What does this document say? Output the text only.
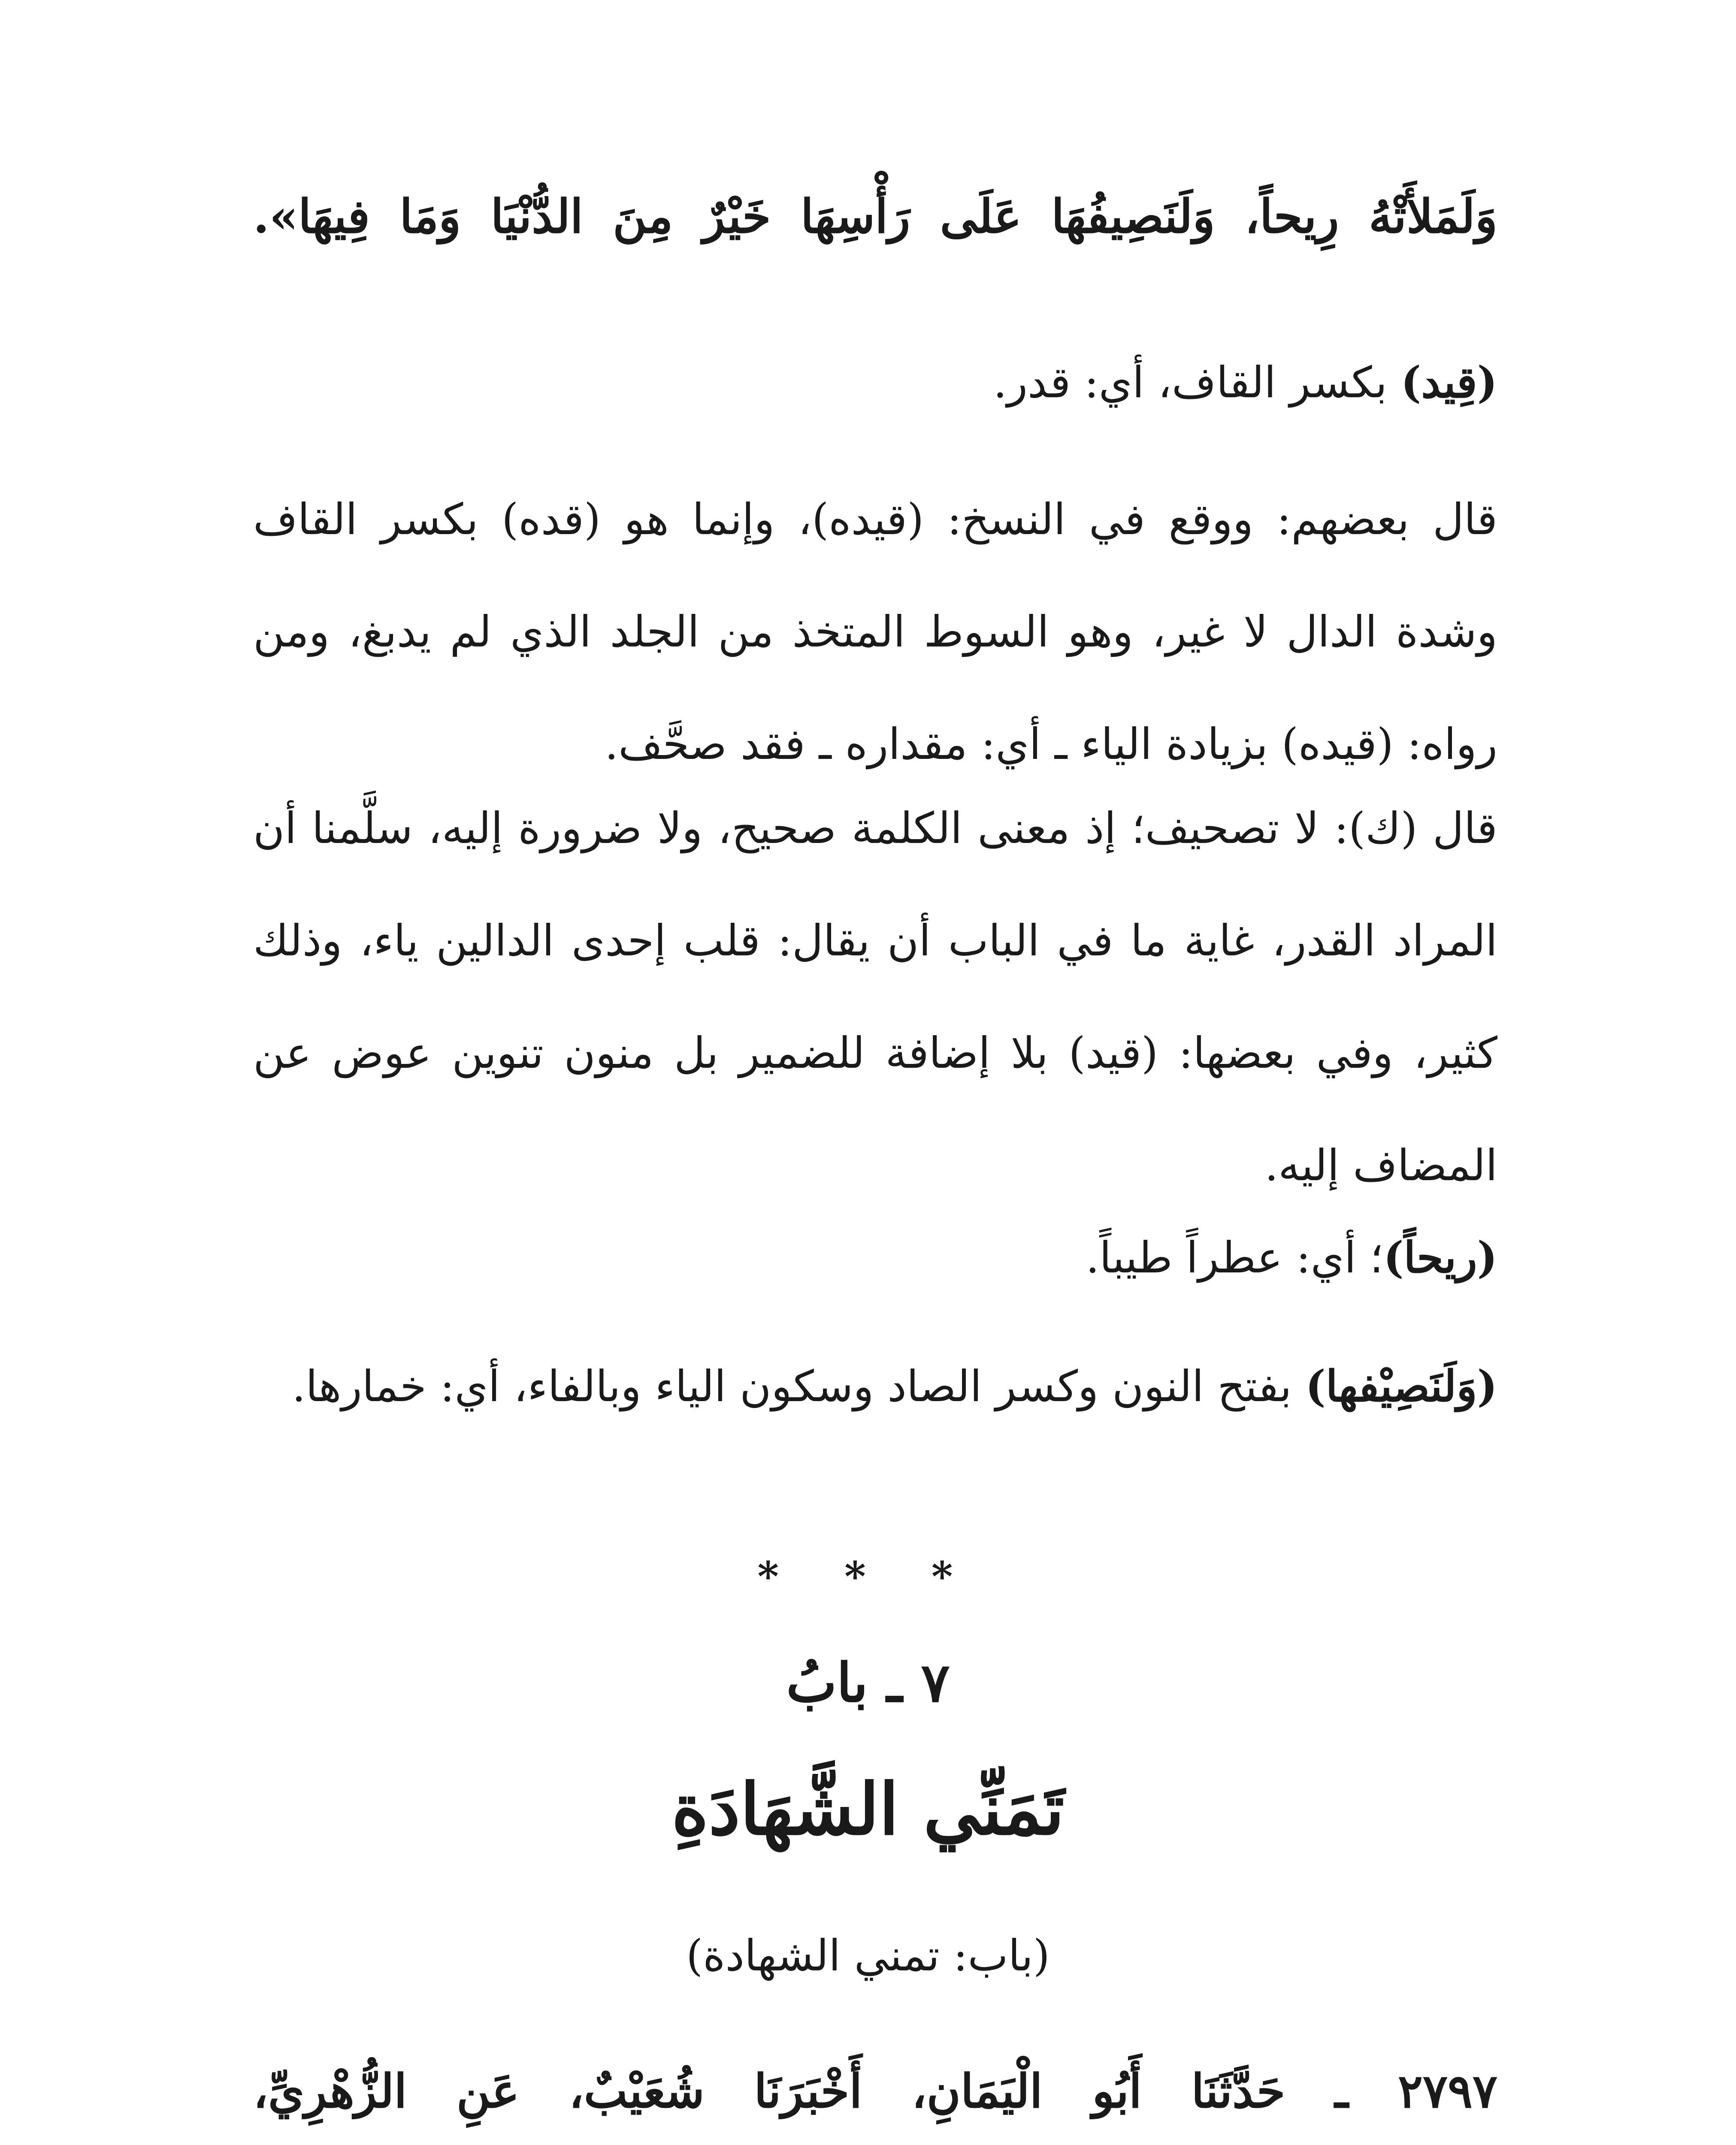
وَلَمَلأَتْهُ رِيحاً، وَلَنَصِيفُهَا عَلَى رَأْسِهَا خَيْرٌ مِنَ الدُّنْيَا وَمَا فِيهَا».
(قِيد) بكسر القاف، أي: قدر.
قال بعضهم: ووقع في النسخ: (قيده)، وإنما هو (قده) بكسر القاف وشدة الدال لا غير، وهو السوط المتخذ من الجلد الذي لم يدبغ، ومن رواه: (قيده) بزيادة الياء ـ أي: مقداره ـ فقد صحَّف.
قال (ك): لا تصحيف؛ إذ معنى الكلمة صحيح، ولا ضرورة إليه، سلَّمنا أن المراد القدر، غاية ما في الباب أن يقال: قلب إحدى الدالين ياء، وذلك كثير، وفي بعضها: (قيد) بلا إضافة للضمير بل منون تنوين عوض عن المضاف إليه.
(ريحاً)؛ أي: عطراً طيباً.
(وَلَنَصِيْفها) بفتح النون وكسر الصاد وسكون الياء وبالفاء، أي: خمارها.
* * *
٧ ـ بابُ
تَمَنِّي الشَّهَادَةِ
(باب: تمني الشهادة)
٢٧٩٧ ـ حَدَّثَنَا أَبُو الْيَمَانِ، أَخْبَرَنَا شُعَيْبٌ، عَنِ الزُّهْرِيِّ،
